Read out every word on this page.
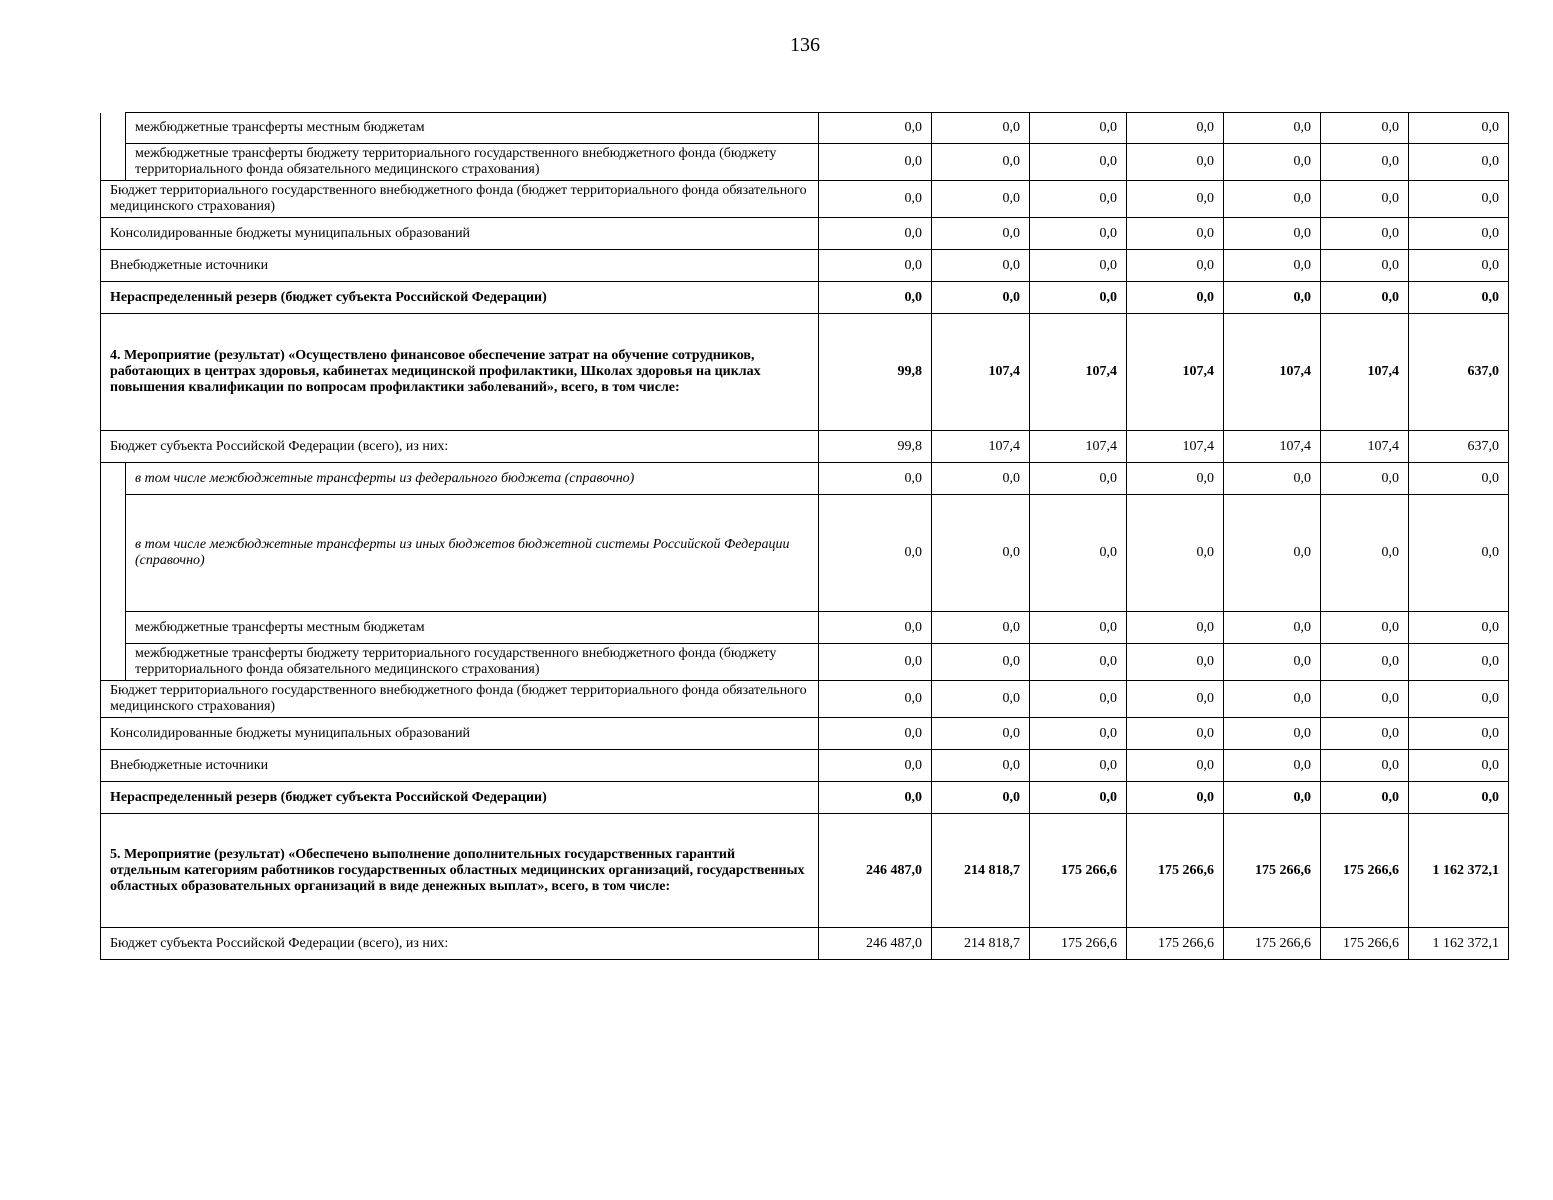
136
	межбюджетные трансферты местным бюджетам	0,0	0,0	0,0	0,0	0,0	0,0	0,0
	межбюджетные трансферты бюджету территориального государственного внебюджетного фонда (бюджету территориального фонда обязательного медицинского страхования)	0,0	0,0	0,0	0,0	0,0	0,0	0,0
Бюджет территориального государственного внебюджетного фонда (бюджет территориального фонда обязательного медицинского страхования)		0,0	0,0	0,0	0,0	0,0	0,0	0,0
Консолидированные бюджеты муниципальных образований		0,0	0,0	0,0	0,0	0,0	0,0	0,0
Внебюджетные источники		0,0	0,0	0,0	0,0	0,0	0,0	0,0
Нераспределенный резерв (бюджет субъекта Российской Федерации)		0,0	0,0	0,0	0,0	0,0	0,0	0,0
4. Мероприятие (результат) «Осуществлено финансовое обеспечение затрат на обучение сотрудников, работающих в центрах здоровья, кабинетах медицинской профилактики, Школах здоровья на циклах повышения квалификации по вопросам профилактики заболеваний», всего, в том числе:		99,8	107,4	107,4	107,4	107,4	107,4	637,0
Бюджет субъекта Российской Федерации (всего), из них:		99,8	107,4	107,4	107,4	107,4	107,4	637,0
	в том числе межбюджетные трансферты из федерального бюджета (справочно)	0,0	0,0	0,0	0,0	0,0	0,0	0,0
	в том числе межбюджетные трансферты из иных бюджетов бюджетной системы Российской Федерации (справочно)	0,0	0,0	0,0	0,0	0,0	0,0	0,0
	межбюджетные трансферты местным бюджетам	0,0	0,0	0,0	0,0	0,0	0,0	0,0
	межбюджетные трансферты бюджету территориального государственного внебюджетного фонда (бюджету территориального фонда обязательного медицинского страхования)	0,0	0,0	0,0	0,0	0,0	0,0	0,0
Бюджет территориального государственного внебюджетного фонда (бюджет территориального фонда обязательного медицинского страхования)		0,0	0,0	0,0	0,0	0,0	0,0	0,0
Консолидированные бюджеты муниципальных образований		0,0	0,0	0,0	0,0	0,0	0,0	0,0
Внебюджетные источники		0,0	0,0	0,0	0,0	0,0	0,0	0,0
Нераспределенный резерв (бюджет субъекта Российской Федерации)		0,0	0,0	0,0	0,0	0,0	0,0	0,0
5. Мероприятие (результат) «Обеспечено выполнение дополнительных государственных гарантий отдельным категориям работников государственных областных медицинских организаций, государственных областных образовательных организаций в виде денежных выплат», всего, в том числе:		246 487,0	214 818,7	175 266,6	175 266,6	175 266,6	175 266,6	1 162 372,1
Бюджет субъекта Российской Федерации (всего), из них:		246 487,0	214 818,7	175 266,6	175 266,6	175 266,6	175 266,6	1 162 372,1
